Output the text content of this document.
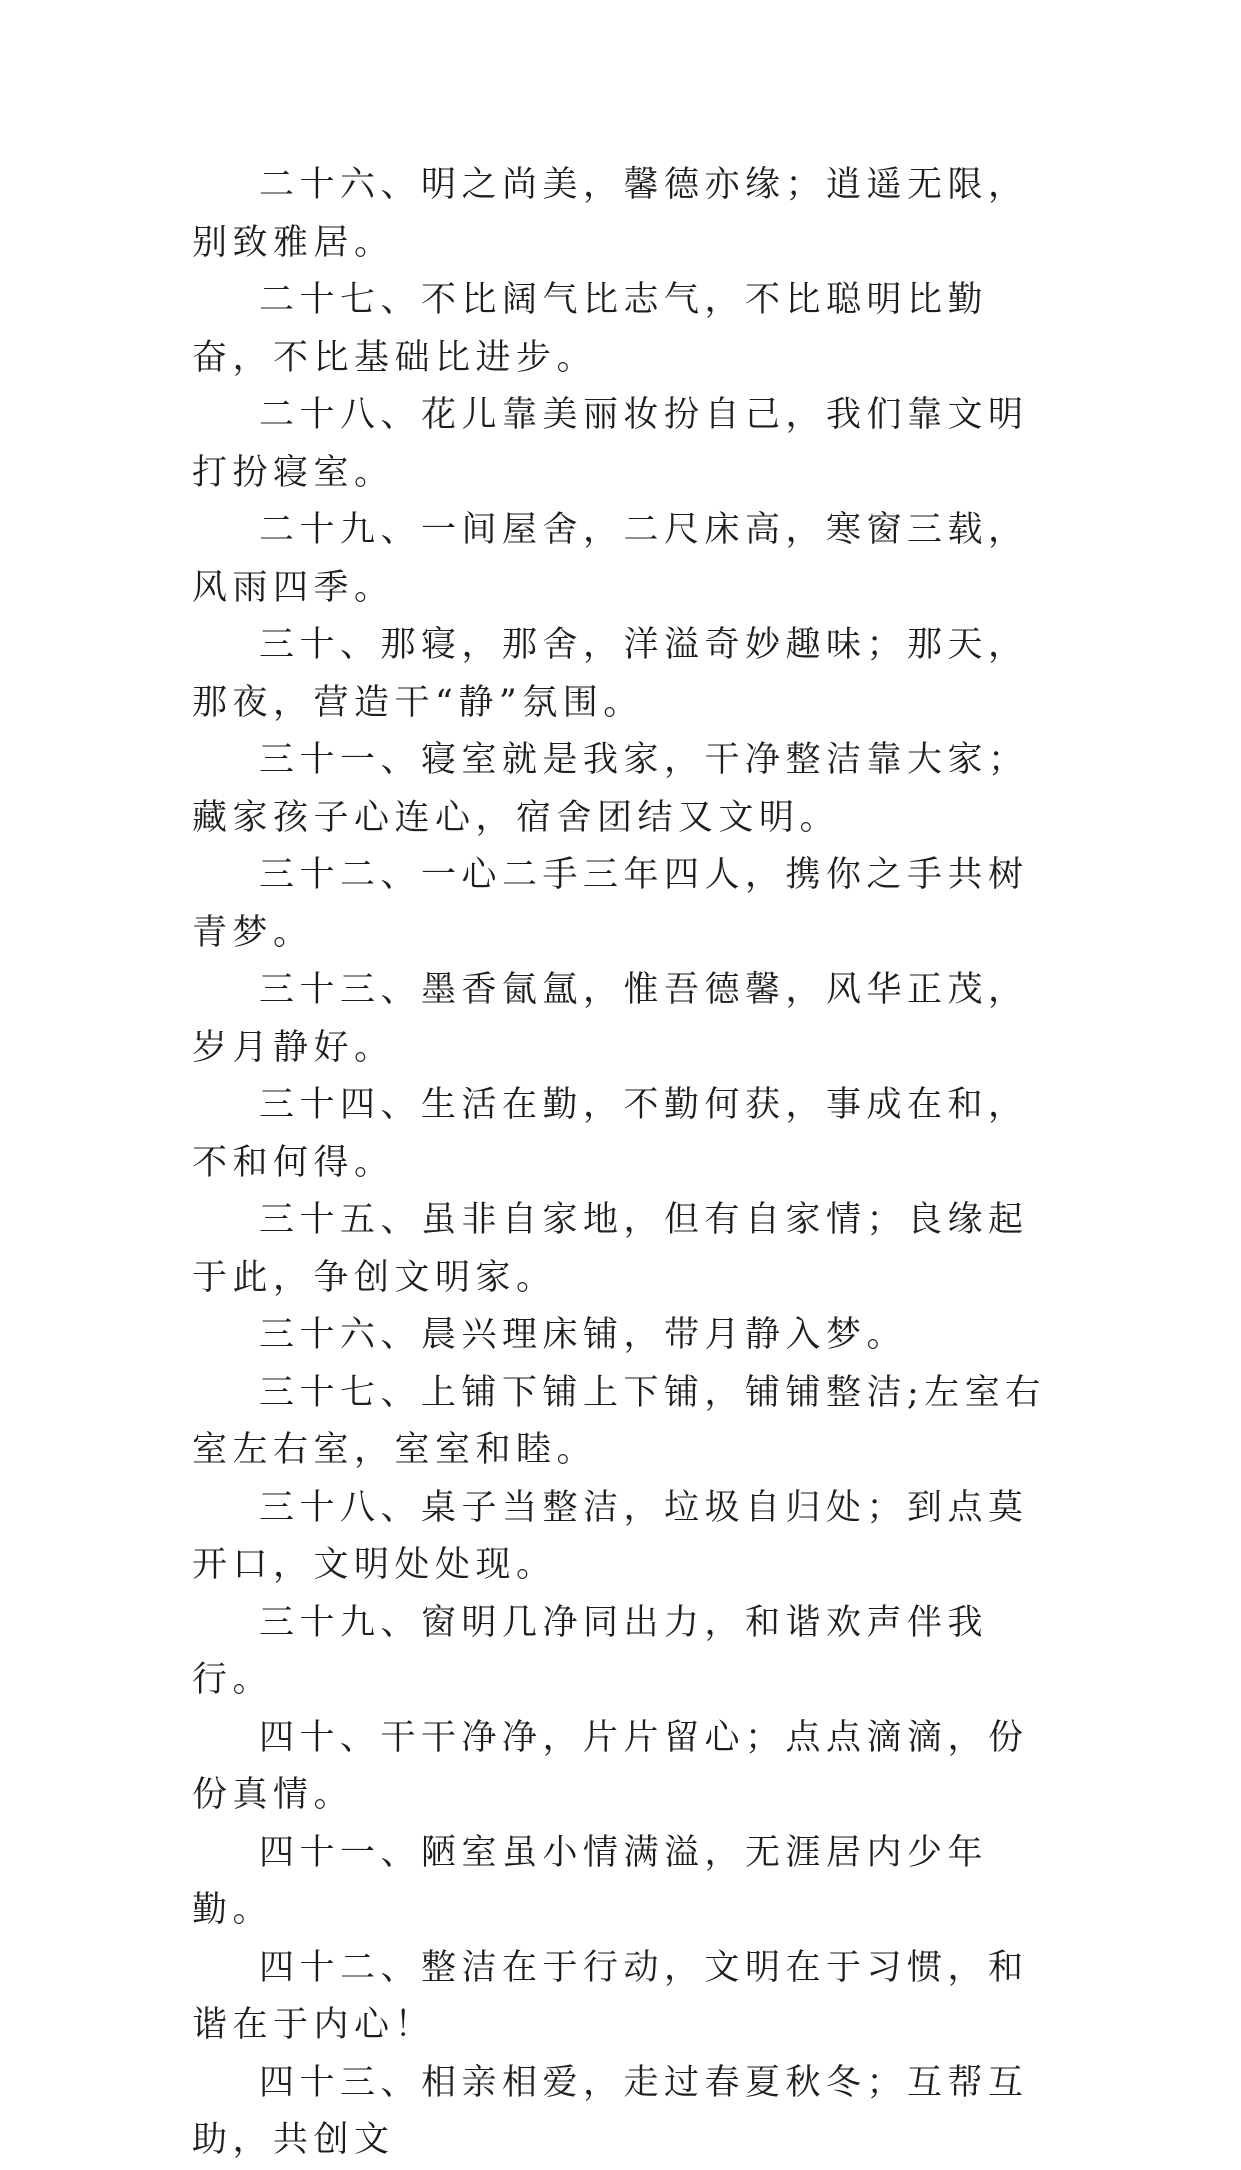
二十六、明之尚美，馨德亦缘；逍遥无限，别致雅居。

二十七、不比阔气比志气，不比聪明比勤奋，不比基础比进步。

二十八、花儿靠美丽妆扮自己，我们靠文明打扮寝室。

二十九、一间屋舍，二尺床高，寒窗三载，风雨四季。

三十、那寝，那舍，洋溢奇妙趣味；那天，那夜，营造干“静”氛围。

三十一、寝室就是我家，干净整洁靠大家；藏家孩子心连心，宿舍团结又文明。

三十二、一心二手三年四人，携你之手共树青梦。

三十三、墨香氤氲，惟吾德馨，风华正茂，岁月静好。

三十四、生活在勤，不勤何获，事成在和，不和何得。

三十五、虽非自家地，但有自家情；良缘起于此，争创文明家。

三十六、晨兴理床铺，带月静入梦。

三十七、上铺下铺上下铺，铺铺整洁;左室右室左右室，室室和睦。

三十八、桌子当整洁，垃圾自归处；到点莫开口，文明处处现。

三十九、窗明几净同出力，和谐欢声伴我行。

四十、干干净净，片片留心；点点滴滴，份份真情。

四十一、陋室虽小情满溢，无涯居内少年勤。

四十二、整洁在于行动，文明在于习惯，和谐在于内心！

四十三、相亲相爱，走过春夏秋冬；互帮互助，共创文
